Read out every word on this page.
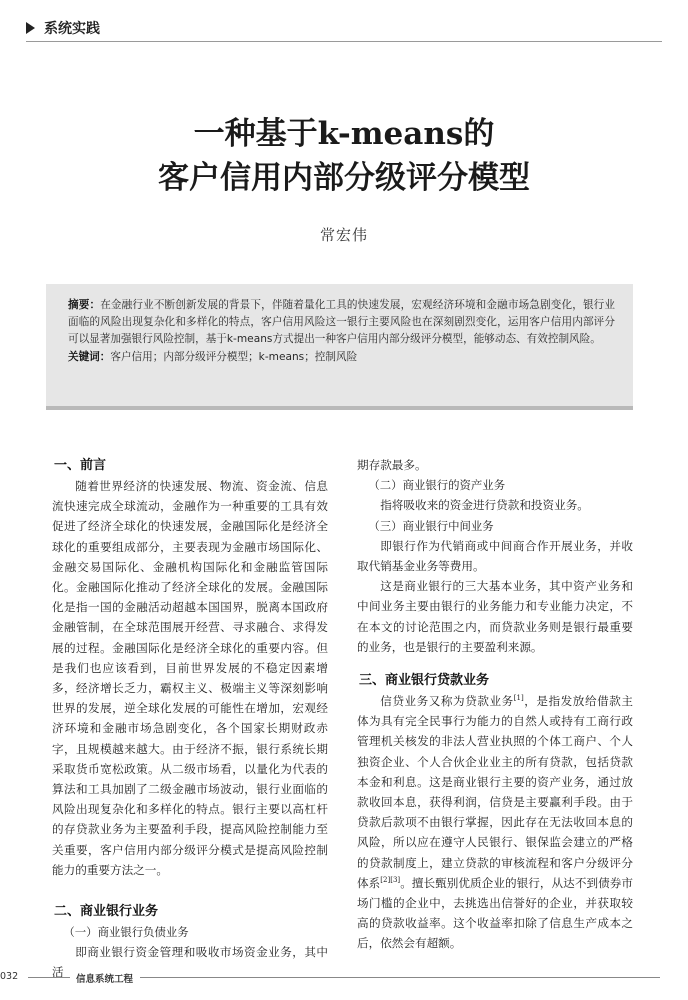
系统实践
一种基于k-means的
客户信用内部分级评分模型
常宏伟

摘要：在金融行业不断创新发展的背景下，伴随着量化工具的快速发展，宏观经济环境和金融市场急剧变化，银行业面临的风险出现复杂化和多样化的特点，客户信用风险这一银行主要风险也在深刻剧烈变化，运用客户信用内部评分可以显著加强银行风险控制，基于k-means方式提出一种客户信用内部分级评分模型，能够动态、有效控制风险。

关键词：客户信用；内部分级评分模型；k-means；控制风险

一、前言

随着世界经济的快速发展、物流、资金流、信息流快速完成全球流动，金融作为一种重要的工具有效促进了经济全球化的快速发展，金融国际化是经济全球化的重要组成部分，主要表现为金融市场国际化、金融交易国际化、金融机构国际化和金融监管国际化。金融国际化推动了经济全球化的发展。金融国际化是指一国的金融活动超越本国国界，脱离本国政府金融管制，在全球范围展开经营、寻求融合、求得发展的过程。金融国际化是经济全球化的重要内容。但是我们也应该看到，目前世界发展的不稳定因素增多，经济增长乏力，霸权主义、极端主义等深刻影响世界的发展，逆全球化发展的可能性在增加，宏观经济环境和金融市场急剧变化，各个国家长期财政赤字，且规模越来越大。由于经济不振，银行系统长期采取货币宽松政策。从二级市场看，以量化为代表的算法和工具加剧了二级金融市场波动，银行业面临的风险出现复杂化和多样化的特点。银行主要以高杠杆的存贷款业务为主要盈利手段，提高风险控制能力至关重要，客户信用内部分级评分模式是提高风险控制能力的重要方法之一。

二、商业银行业务
（一）商业银行负债业务

即商业银行资金管理和吸收市场资金业务，其中活

期存款最多。

（二）商业银行的资产业务

指将吸收来的资金进行贷款和投资业务。

（三）商业银行中间业务

即银行作为代销商或中间商合作开展业务，并收取代销基金业务等费用。

这是商业银行的三大基本业务，其中资产业务和中间业务主要由银行的业务能力和专业能力决定，不在本文的讨论范围之内，而贷款业务则是银行最重要的业务，也是银行的主要盈利来源。

三、商业银行贷款业务

信贷业务又称为贷款业务[1]，是指发放给借款主体为具有完全民事行为能力的自然人或持有工商行政管理机关核发的非法人营业执照的个体工商户、个人独资企业、个人合伙企业业主的所有贷款，包括贷款本金和利息。这是商业银行主要的资产业务，通过放款收回本息，获得利润，信贷是主要赢利手段。由于贷款后款项不由银行掌握，因此存在无法收回本息的风险，所以应在遵守人民银行、银保监会建立的严格的贷款制度上，建立贷款的审核流程和客户分级评分体系[2][3]。擅长甄别优质企业的银行，从达不到债券市场门槛的企业中，去挑选出信誉好的企业，并获取较高的贷款收益率。这个收益率扣除了信息生产成本之后，依然会有超额。

032	信息系统工程
